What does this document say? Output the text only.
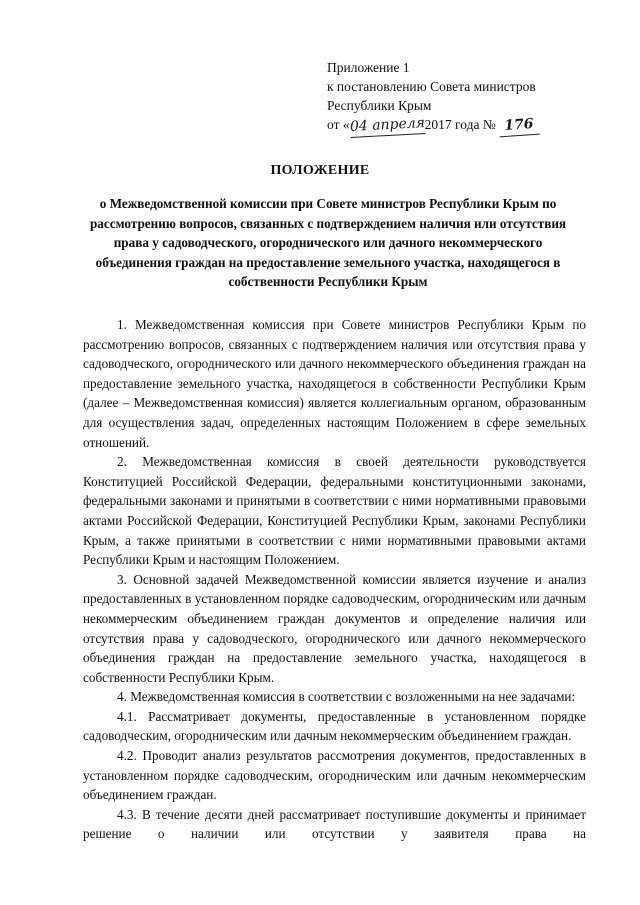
Приложение 1
к постановлению Совета министров
Республики Крым
от «04 апреля2017 года № 176
ПОЛОЖЕНИЕ
о Межведомственной комиссии при Совете министров Республики Крым по рассмотрению вопросов, связанных с подтверждением наличия или отсутствия права у садоводческого, огороднического или дачного некоммерческого объединения граждан на предоставление земельного участка, находящегося в собственности Республики Крым

1. Межведомственная комиссия при Совете министров Республики Крым по рассмотрению вопросов, связанных с подтверждением наличия или отсутствия права у садоводческого, огороднического или дачного некоммерческого объединения граждан на предоставление земельного участка, находящегося в собственности Республики Крым (далее – Межведомственная комиссия) является коллегиальным органом, образованным для осуществления задач, определенных настоящим Положением в сфере земельных отношений.

2. Межведомственная комиссия в своей деятельности руководствуется Конституцией Российской Федерации, федеральными конституционными законами, федеральными законами и принятыми в соответствии с ними нормативными правовыми актами Российской Федерации, Конституцией Республики Крым, законами Республики Крым, а также принятыми в соответствии с ними нормативными правовыми актами Республики Крым и настоящим Положением.

3. Основной задачей Межведомственной комиссии является изучение и анализ предоставленных в установленном порядке садоводческим, огородническим или дачным некоммерческим объединением граждан документов и определение наличия или отсутствия права у садоводческого, огороднического или дачного некоммерческого объединения граждан на предоставление земельного участка, находящегося в собственности Республики Крым.

4. Межведомственная комиссия в соответствии с возложенными на нее задачами:

4.1. Рассматривает документы, предоставленные в установленном порядке садоводческим, огородническим или дачным некоммерческим объединением граждан.

4.2. Проводит анализ результатов рассмотрения документов, предоставленных в установленном порядке садоводческим, огородническим или дачным некоммерческим объединением граждан.

4.3. В течение десяти дней рассматривает поступившие документы и принимает решение о наличии или отсутствии у заявителя права на
